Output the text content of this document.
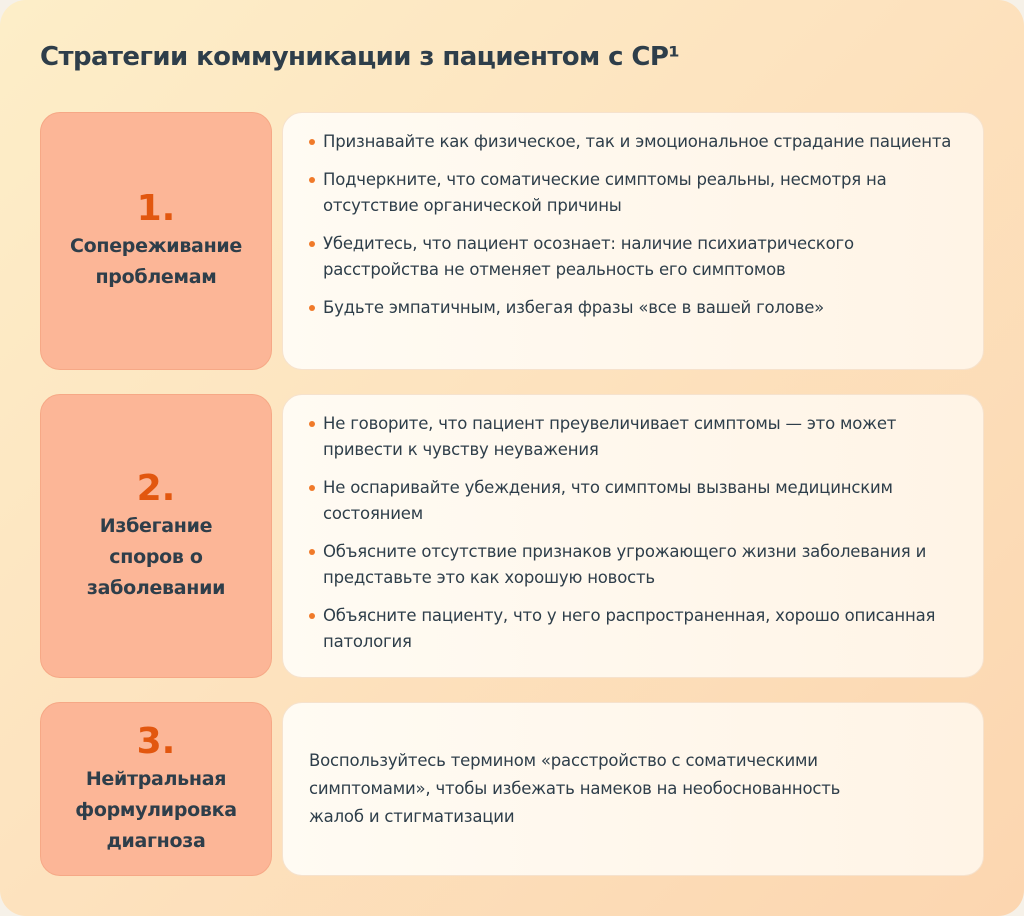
Стратегии коммуникации з пациентом с СР¹
1.
Сопереживание проблемам
Признавайте как физическое, так и эмоциональное страдание пациента
Подчеркните, что соматические симптомы реальны, несмотря на отсутствие органической причины
Убедитесь, что пациент осознает: наличие психиатрического расстройства не отменяет реальность его симптомов
Будьте эмпатичным, избегая фразы «все в вашей голове»
2.
Избегание споров о заболевании
Не говорите, что пациент преувеличивает симптомы — это может привести к чувству неуважения
Не оспаривайте убеждения, что симптомы вызваны медицинским состоянием
Объясните отсутствие признаков угрожающего жизни заболевания и представьте это как хорошую новость
Объясните пациенту, что у него распространенная, хорошо описанная патология
3.
Нейтральная формулировка диагноза
Воспользуйтесь термином «расстройство с соматическими симптомами», чтобы избежать намеков на необоснованность жалоб и стигматизации
